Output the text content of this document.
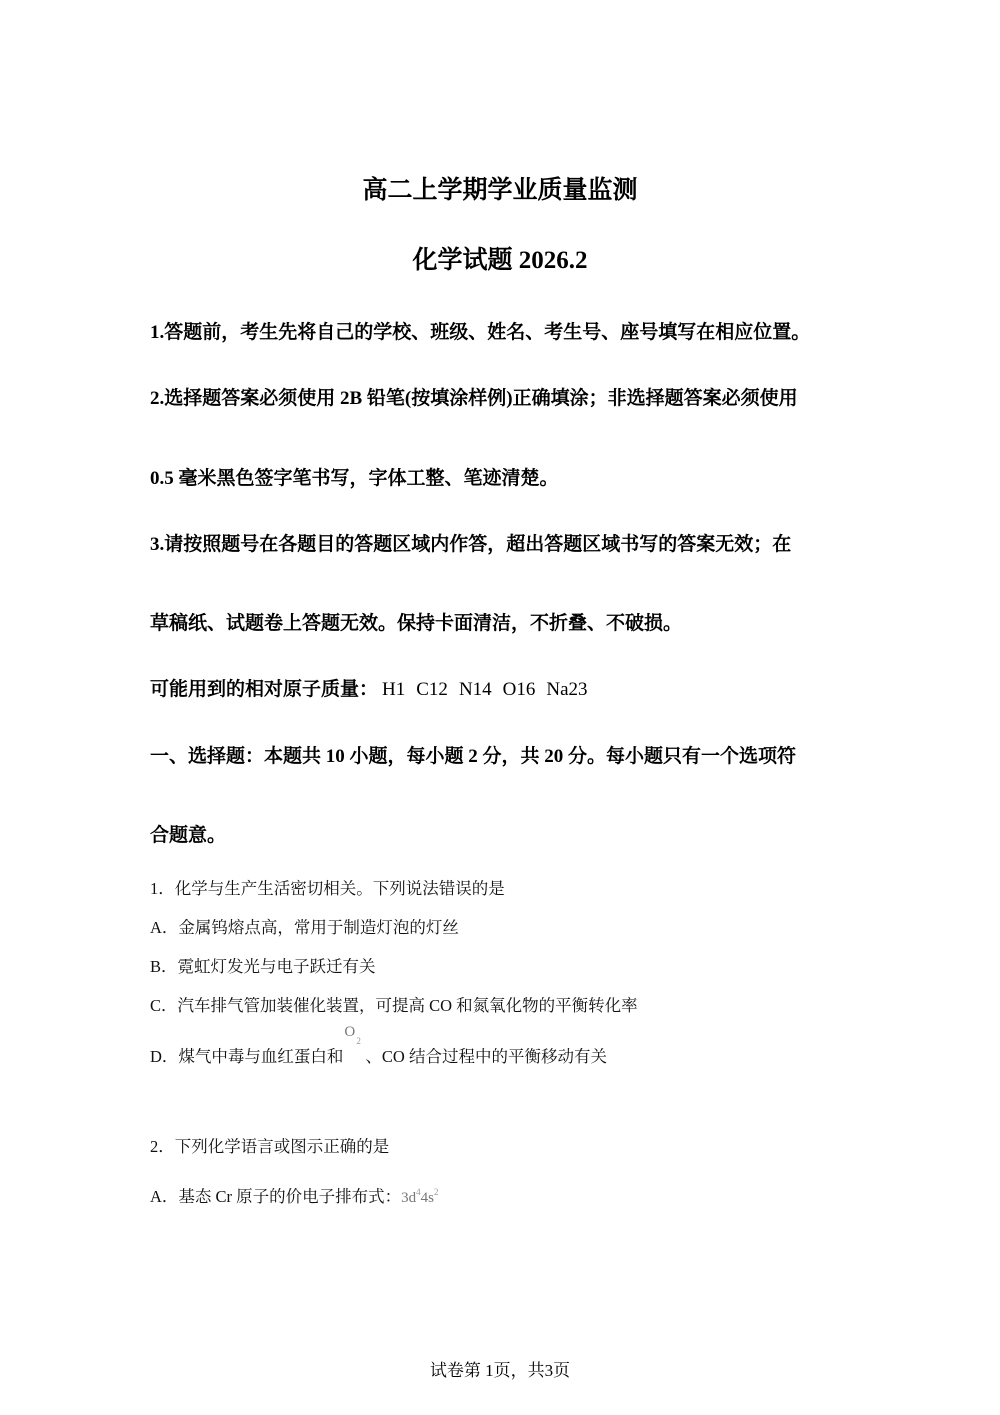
高二上学期学业质量监测
化学试题 2026.2
1.答题前，考生先将自己的学校、班级、姓名、考生号、座号填写在相应位置。
2.选择题答案必须使用 2B 铅笔(按填涂样例)正确填涂；非选择题答案必须使用
0.5 毫米黑色签字笔书写，字体工整、笔迹清楚。
3.请按照题号在各题目的答题区域内作答，超出答题区域书写的答案无效；在
草稿纸、试题卷上答题无效。保持卡面清洁，不折叠、不破损。
可能用到的相对原子质量： H1 C12 N14 O16 Na23
一、选择题：本题共 10 小题，每小题 2 分，共 20 分。每小题只有一个选项符
合题意。
1．化学与生产生活密切相关。下列说法错误的是
A．金属钨熔点高，常用于制造灯泡的灯丝
B．霓虹灯发光与电子跃迁有关
C．汽车排气管加装催化装置，可提高 CO 和氮氧化物的平衡转化率
D．煤气中毒与血红蛋白和
O
2
、CO 结合过程中的平衡移动有关
2．下列化学语言或图示正确的是
A．基态 Cr 原子的价电子排布式：$3d^44s^2$
试卷第 1页，共3页
